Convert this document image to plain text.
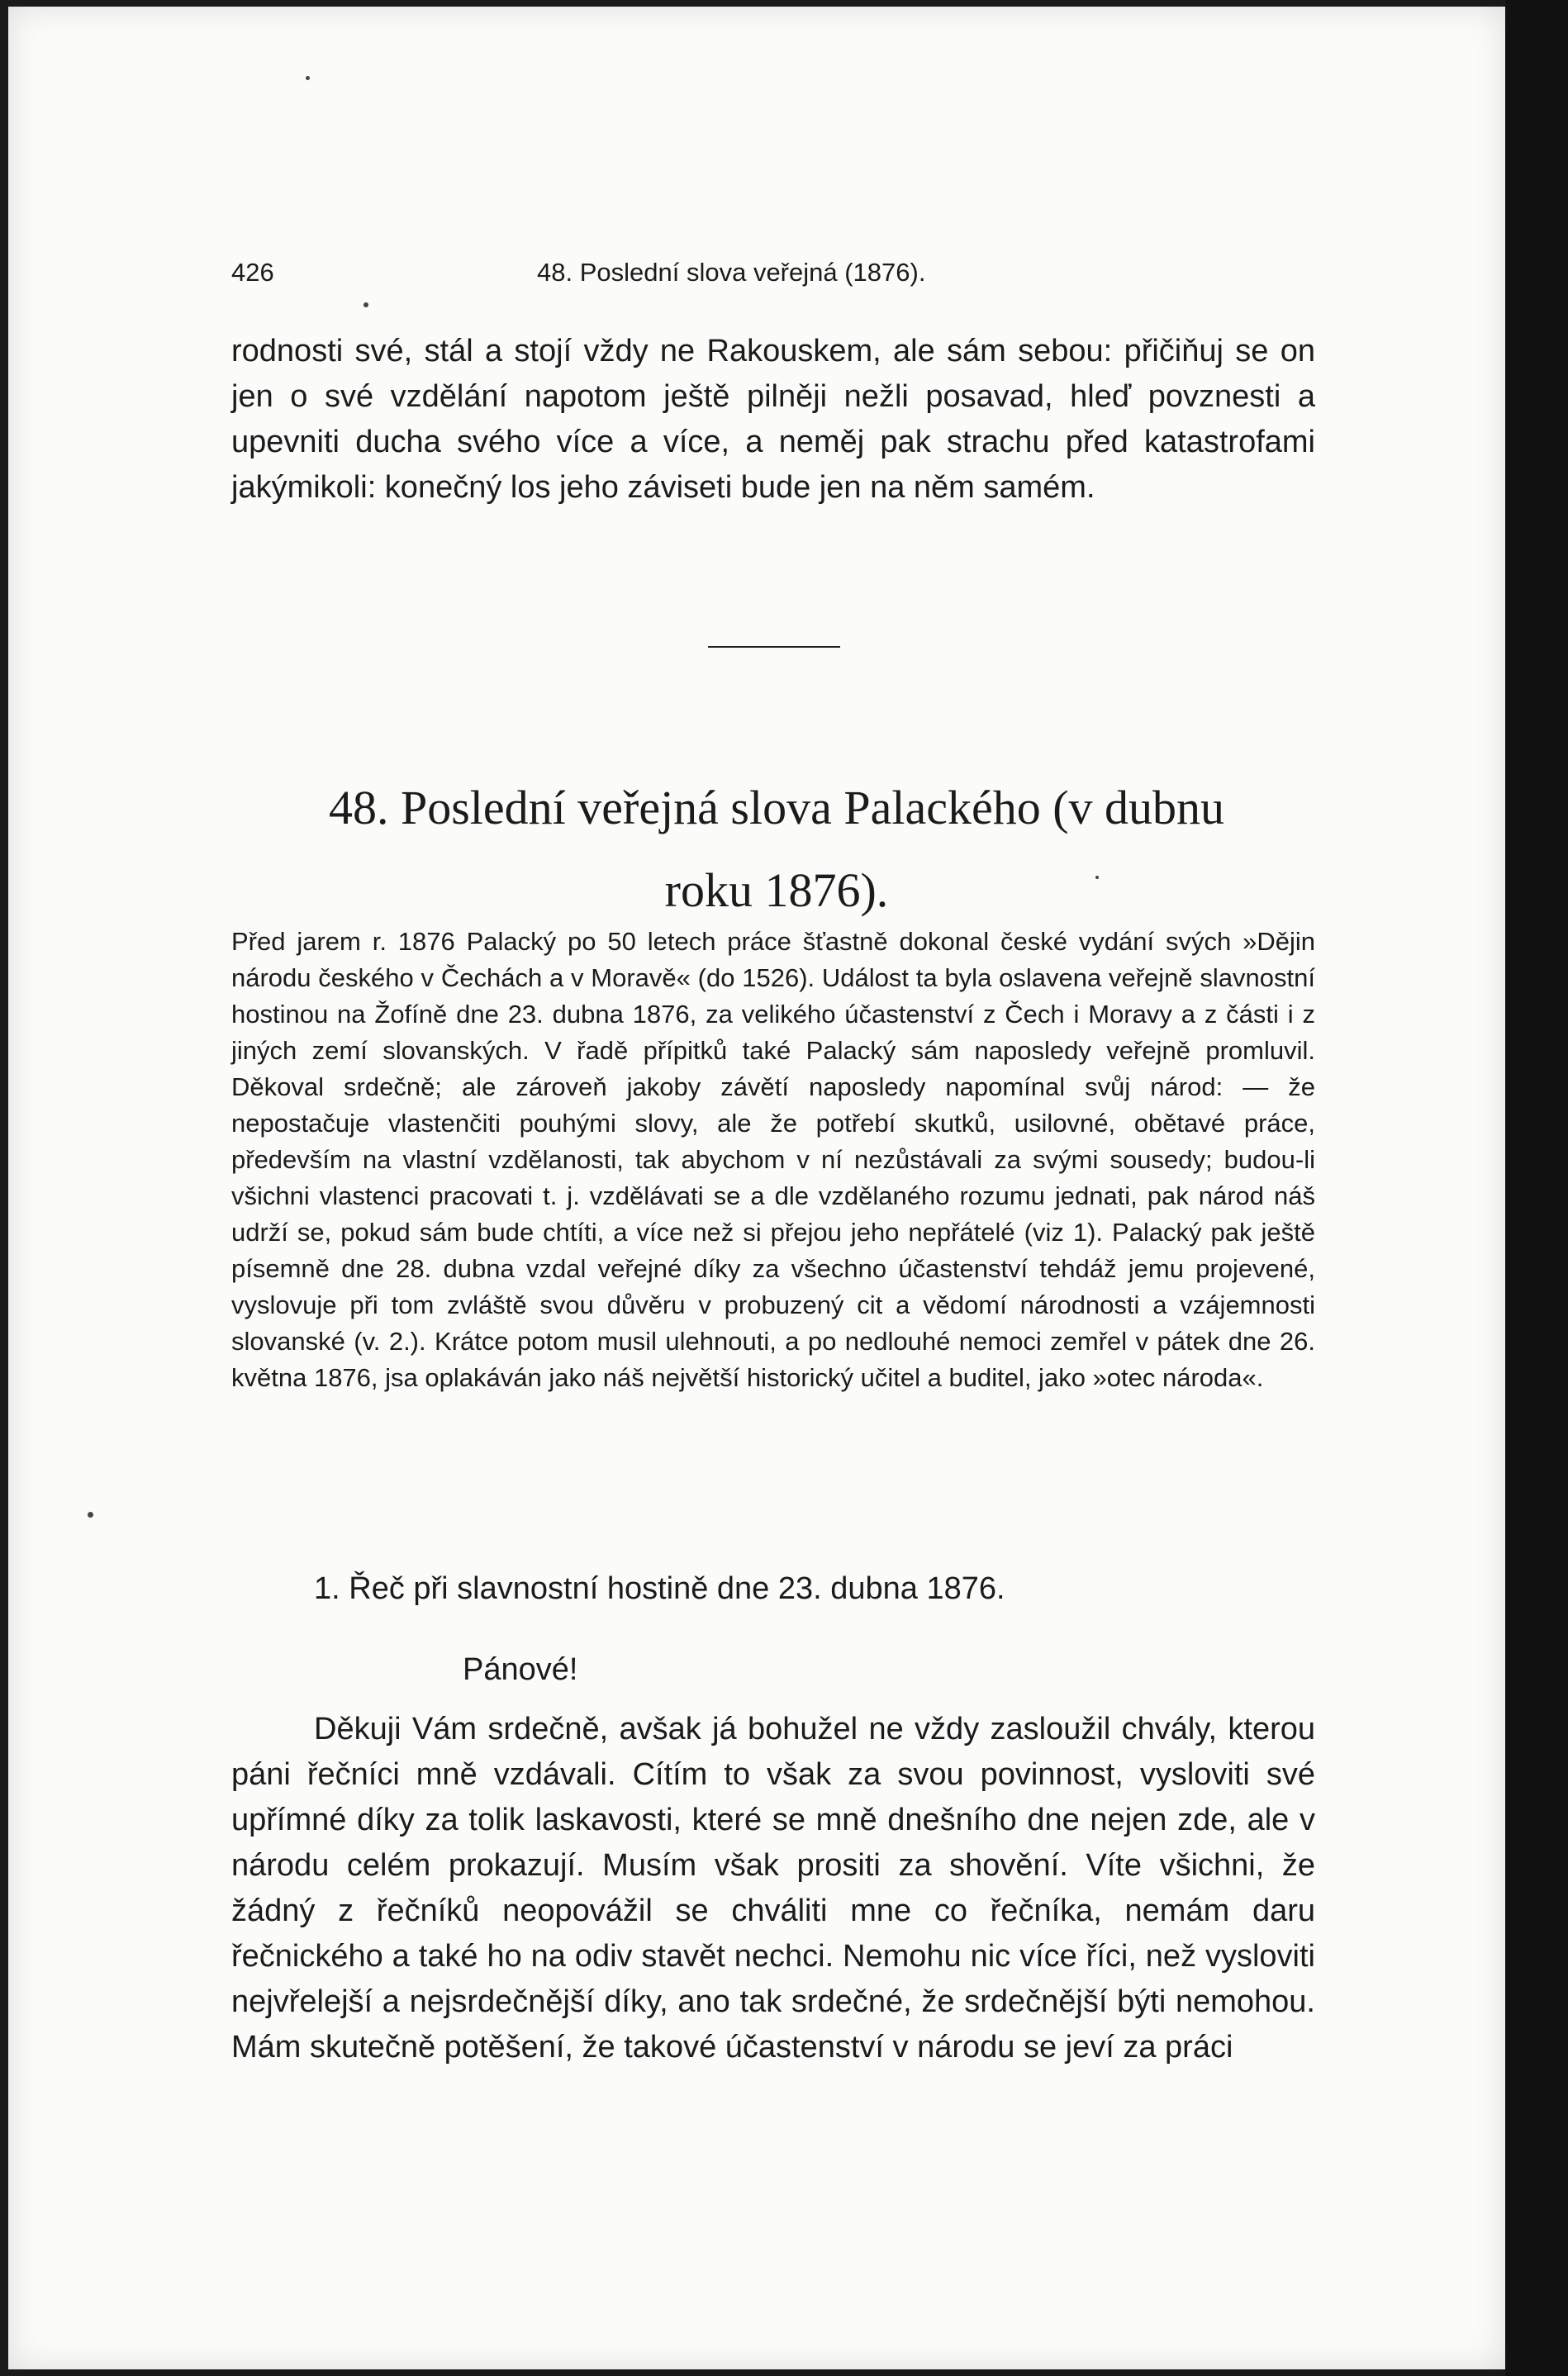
426	48. Poslední slova veřejná (1876).

rodnosti své, stál a stojí vždy ne Rakouskem, ale sám sebou: přičiňuj se on jen o své vzdělání napotom ještě pilněji nežli posavad, hleď povznesti a upevniti ducha svého více a více, a neměj pak strachu před katastrofami jakýmikoli: konečný los jeho záviseti bude jen na něm samém.

48. Poslední veřejná slova Palackého (v dubnu
roku 1876).

Před jarem r. 1876 Palacký po 50 letech práce šťastně dokonal české vydání svých »Dějin národu českého v Čechách a v Moravě« (do 1526). Událost ta byla oslavena veřejně slavnostní hostinou na Žofíně dne 23. dubna 1876, za velikého účastenství z Čech i Moravy a z části i z jiných zemí slovanských. V řadě přípitků také Palacký sám naposledy veřejně promluvil. Děkoval srdečně; ale zároveň jakoby závětí naposledy napomínal svůj národ: — že nepostačuje vlastenčiti pouhými slovy, ale že potřebí skutků, usilovné, obětavé práce, především na vlastní vzdělanosti, tak abychom v ní nezůstávali za svými sousedy; budou-li všichni vlastenci pracovati t. j. vzdělávati se a dle vzdělaného rozumu jednati, pak národ náš udrží se, pokud sám bude chtíti, a více než si přejou jeho nepřátelé (viz 1). Palacký pak ještě písemně dne 28. dubna vzdal veřejné díky za všechno účastenství tehdáž jemu projevené, vyslovuje při tom zvláště svou důvěru v probuzený cit a vědomí národnosti a vzájemnosti slovanské (v. 2.). Krátce potom musil ulehnouti, a po nedlouhé nemoci zemřel v pátek dne 26. května 1876, jsa oplakáván jako náš největší historický učitel a buditel, jako »otec národa«.

1. Řeč při slavnostní hostině dne 23. dubna 1876.

Pánové!

Děkuji Vám srdečně, avšak já bohužel ne vždy zasloužil chvály, kterou páni řečníci mně vzdávali. Cítím to však za svou povinnost, vysloviti své upřímné díky za tolik laskavosti, které se mně dnešního dne nejen zde, ale v národu celém prokazují. Musím však prositi za shovění. Víte všichni, že žádný z řečníků neopovážil se chváliti mne co řečníka, nemám daru řečnického a také ho na odiv stavět nechci. Nemohu nic více říci, než vysloviti nejvřelejší a nejsrdečnější díky, ano tak srdečné, že srdečnější býti nemohou. Mám skutečně potěšení, že takové účastenství v národu se jeví za práci
